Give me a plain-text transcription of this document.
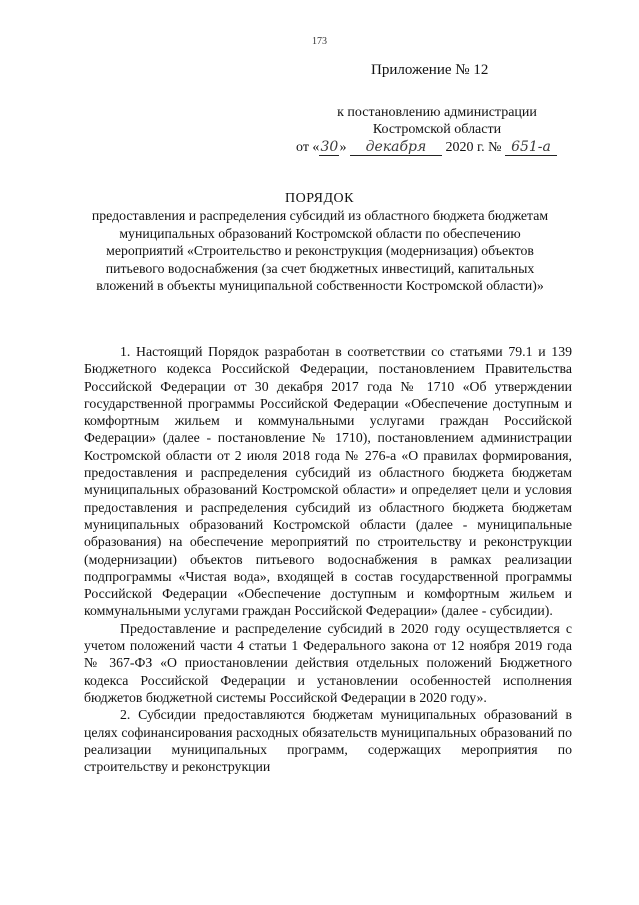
173
Приложение № 12
к постановлению администрации
Костромской области
от «30» декабря 2020 г. № 651-а
ПОРЯДОК
предоставления и распределения субсидий из областного бюджета бюджетам муниципальных образований Костромской области по обеспечению мероприятий «Строительство и реконструкция (модернизация) объектов питьевого водоснабжения (за счет бюджетных инвестиций, капитальных вложений в объекты муниципальной собственности Костромской области)»

1. Настоящий Порядок разработан в соответствии со статьями 79.1 и 139 Бюджетного кодекса Российской Федерации, постановлением Правительства Российской Федерации от 30 декабря 2017 года № 1710 «Об утверждении государственной программы Российской Федерации «Обеспечение доступным и комфортным жильем и коммунальными услугами граждан Российской Федерации» (далее - постановление № 1710), постановлением администрации Костромской области от 2 июля 2018 года № 276-а «О правилах формирования, предоставления и распределения субсидий из областного бюджета бюджетам муниципальных образований Костромской области» и определяет цели и условия предоставления и распределения субсидий из областного бюджета бюджетам муниципальных образований Костромской области (далее - муниципальные образования) на обеспечение мероприятий по строительству и реконструкции (модернизации) объектов питьевого водоснабжения в рамках реализации подпрограммы «Чистая вода», входящей в состав государственной программы Российской Федерации «Обеспечение доступным и комфортным жильем и коммунальными услугами граждан Российской Федерации» (далее - субсидии).

Предоставление и распределение субсидий в 2020 году осуществляется с учетом положений части 4 статьи 1 Федерального закона от 12 ноября 2019 года № 367-ФЗ «О приостановлении действия отдельных положений Бюджетного кодекса Российской Федерации и установлении особенностей исполнения бюджетов бюджетной системы Российской Федерации в 2020 году».

2. Субсидии предоставляются бюджетам муниципальных образований в целях софинансирования расходных обязательств муниципальных образований по реализации муниципальных программ, содержащих мероприятия по строительству и реконструкции
